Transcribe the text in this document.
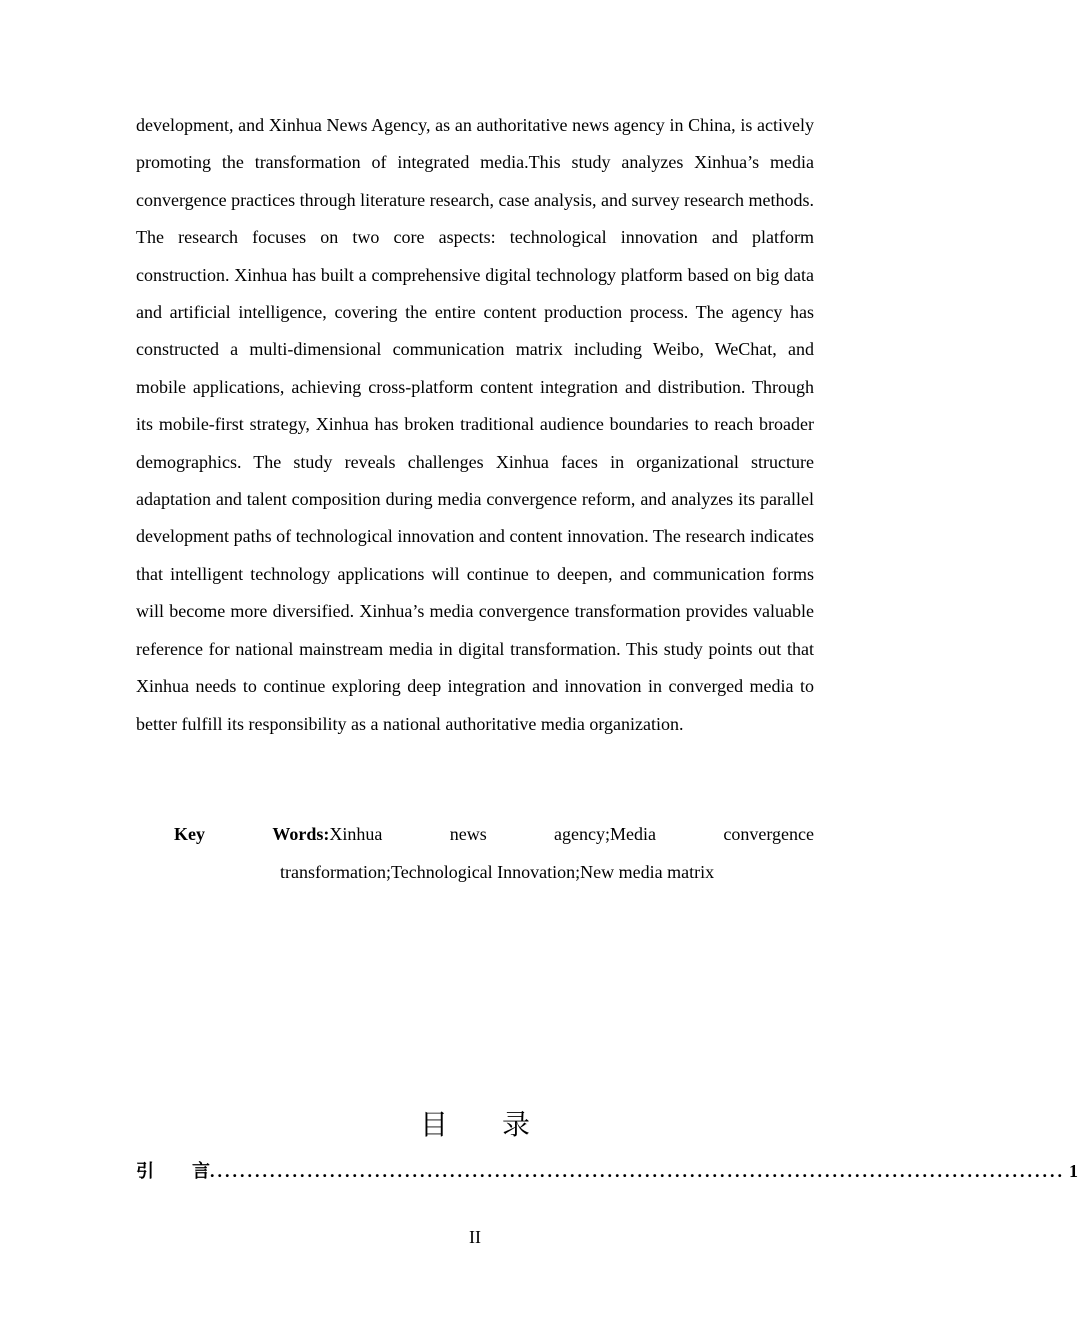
development, and Xinhua News Agency, as an authoritative news agency in China, is actively promoting the transformation of integrated media.This study analyzes Xinhua’s media convergence practices through literature research, case analysis, and survey research methods. The research focuses on two core aspects: technological innovation and platform construction. Xinhua has built a comprehensive digital technology platform based on big data and artificial intelligence, covering the entire content production process. The agency has constructed a multi-dimensional communication matrix including Weibo, WeChat, and mobile applications, achieving cross-platform content integration and distribution. Through its mobile-first strategy, Xinhua has broken traditional audience boundaries to reach broader demographics. The study reveals challenges Xinhua faces in organizational structure adaptation and talent composition during media convergence reform, and analyzes its parallel development paths of technological innovation and content innovation. The research indicates that intelligent technology applications will continue to deepen, and communication forms will become more diversified. Xinhua’s media convergence transformation provides valuable reference for national mainstream media in digital transformation. This study points out that Xinhua needs to continue exploring deep integration and innovation in converged media to better fulfill its responsibility as a national authoritative media organization.

Key	Words:Xinhua	news	agency;Media	convergence
transformation;Technological Innovation;New media matrix
目录
引 言 .................................................................................................................. 1
II
